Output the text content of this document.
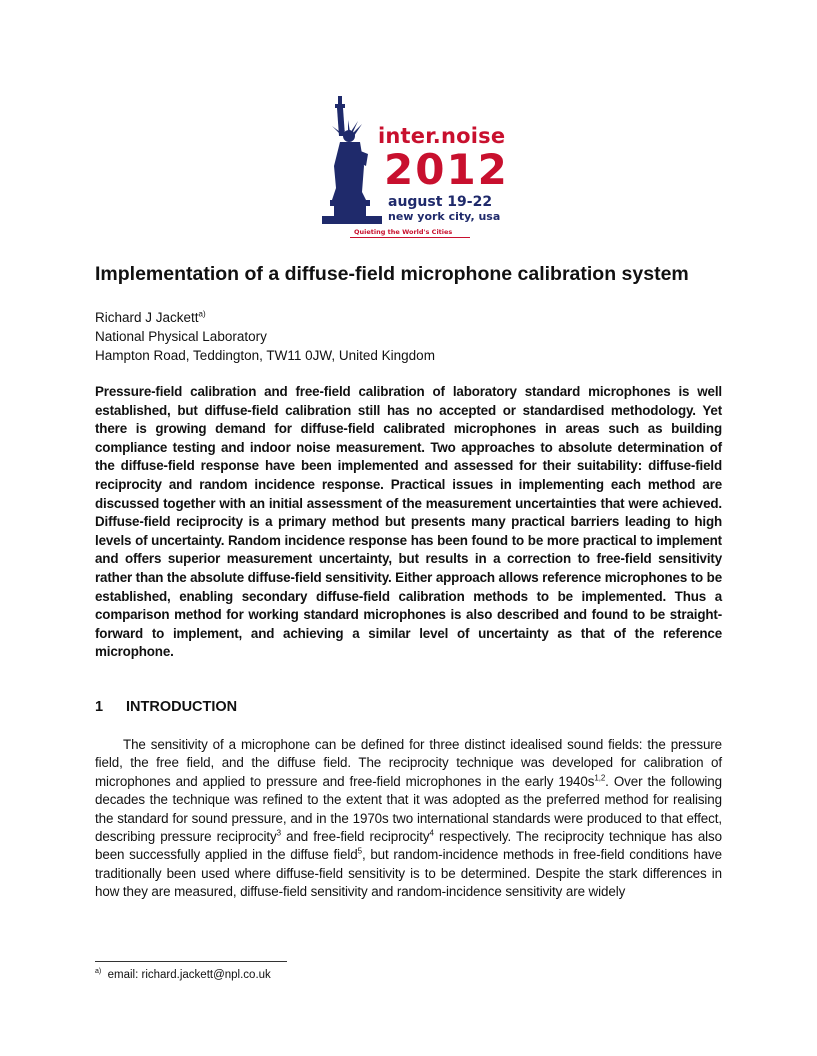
inter.noise
2012
august 19-22
new york city, usa
Quieting the World's Cities
Implementation of a diffuse-field microphone calibration system
Richard J Jackett$^{a)}$
National Physical Laboratory
Hampton Road, Teddington, TW11 0JW, United Kingdom

Pressure-field calibration and free-field calibration of laboratory standard microphones is well established, but diffuse-field calibration still has no accepted or standardised methodology. Yet there is growing demand for diffuse-field calibrated microphones in areas such as building compliance testing and indoor noise measurement. Two approaches to absolute determination of the diffuse-field response have been implemented and assessed for their suitability: diffuse-field reciprocity and random incidence response. Practical issues in implementing each method are discussed together with an initial assessment of the measurement uncertainties that were achieved. Diffuse-field reciprocity is a primary method but presents many practical barriers leading to high levels of uncertainty. Random incidence response has been found to be more practical to implement and offers superior measurement uncertainty, but results in a correction to free-field sensitivity rather than the absolute diffuse-field sensitivity. Either approach allows reference microphones to be established, enabling secondary diffuse-field calibration methods to be implemented. Thus a comparison method for working standard microphones is also described and found to be straight-forward to implement, and achieving a similar level of uncertainty as that of the reference microphone.

1 INTRODUCTION

The sensitivity of a microphone can be defined for three distinct idealised sound fields: the pressure field, the free field, and the diffuse field. The reciprocity technique was developed for calibration of microphones and applied to pressure and free-field microphones in the early $1940s^{1,2}$. Over the following decades the technique was refined to the extent that it was adopted as the preferred method for realising the standard for sound pressure, and in the 1970s two international standards were produced to that effect, describing pressure reciprocity$^3$ and free-field reciprocity$^4$ respectively. The reciprocity technique has also been successfully applied in the diffuse field$^5$, but random-incidence methods in free-field conditions have traditionally been used where diffuse-field sensitivity is to be determined. Despite the stark differences in how they are measured, diffuse-field sensitivity and random-incidence sensitivity are widely

$^{a)}$ email: richard.jackett@npl.co.uk
